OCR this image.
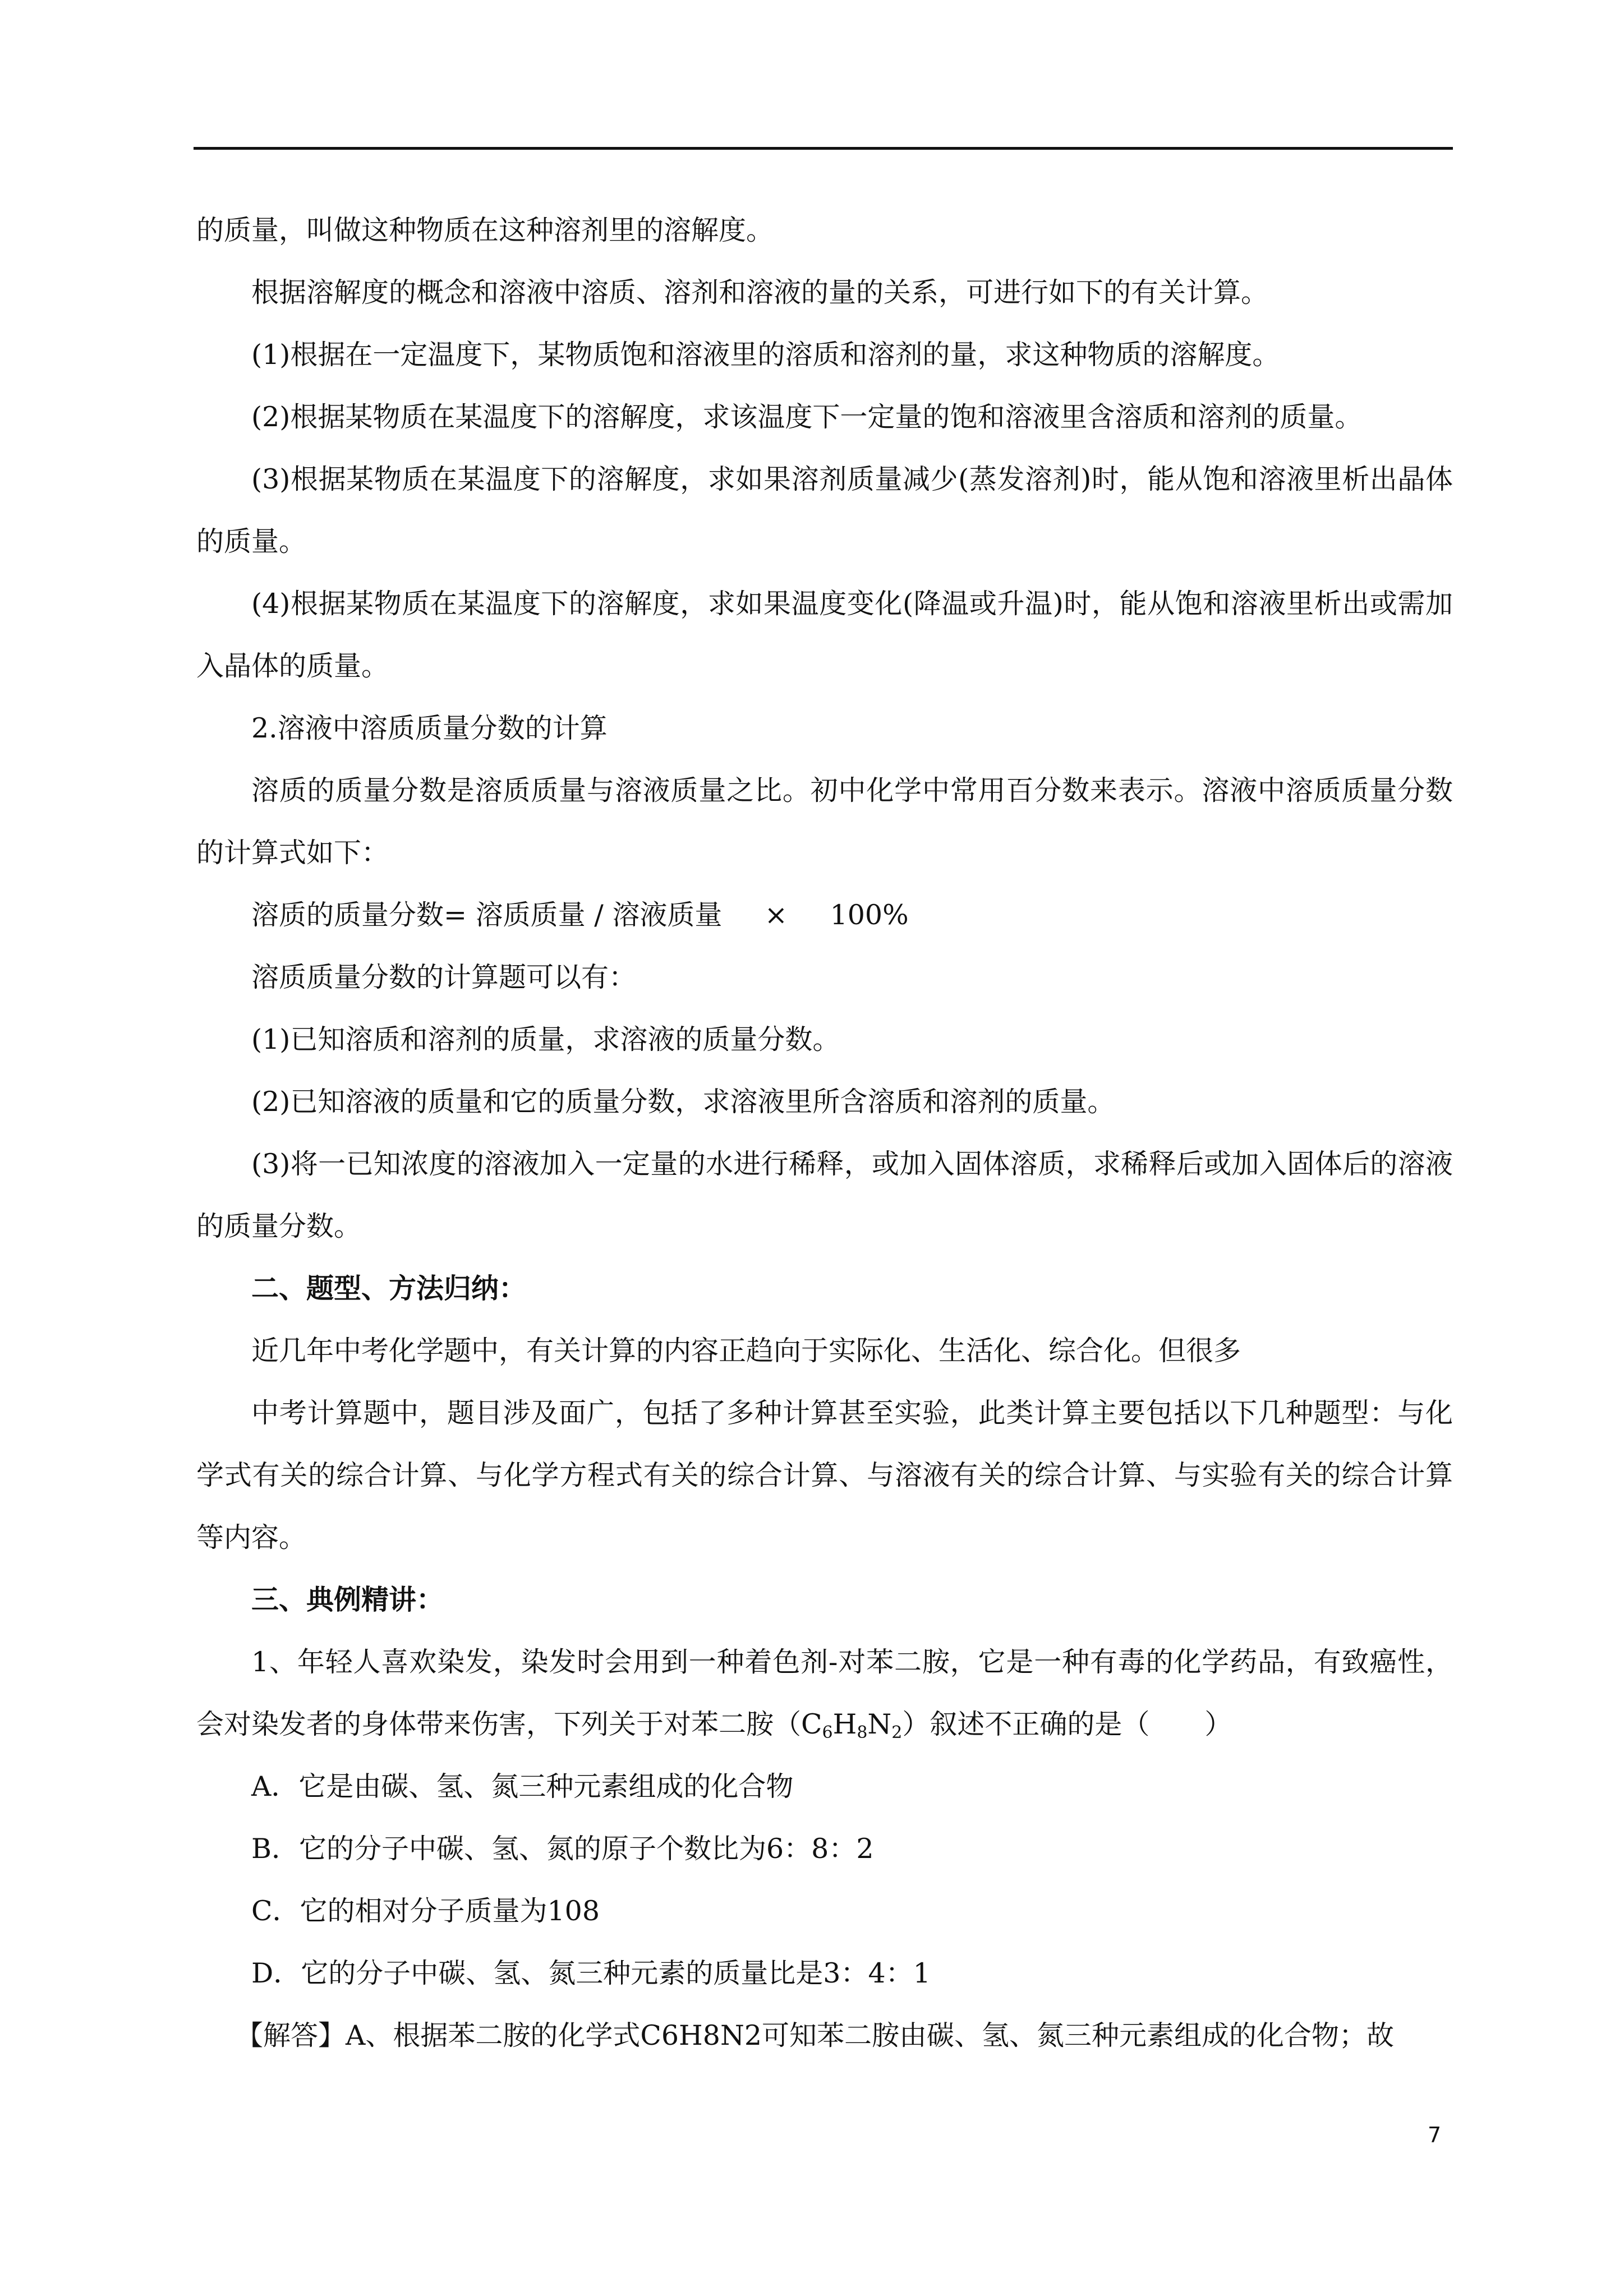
的质量，叫做这种物质在这种溶剂里的溶解度。

根据溶解度的概念和溶液中溶质、溶剂和溶液的量的关系，可进行如下的有关计算。

(1)根据在一定温度下，某物质饱和溶液里的溶质和溶剂的量，求这种物质的溶解度。

(2)根据某物质在某温度下的溶解度，求该温度下一定量的饱和溶液里含溶质和溶剂的质量。

(3)根据某物质在某温度下的溶解度，求如果溶剂质量减少(蒸发溶剂)时，能从饱和溶液里析出晶体的质量。

(4)根据某物质在某温度下的溶解度，求如果温度变化(降温或升温)时，能从饱和溶液里析出或需加入晶体的质量。

2.溶液中溶质质量分数的计算

溶质的质量分数是溶质质量与溶液质量之比。初中化学中常用百分数来表示。溶液中溶质质量分数的计算式如下：

溶质的质量分数= 溶质质量 / 溶液质量 × 100%

溶质质量分数的计算题可以有：

(1)已知溶质和溶剂的质量，求溶液的质量分数。

(2)已知溶液的质量和它的质量分数，求溶液里所含溶质和溶剂的质量。

(3)将一已知浓度的溶液加入一定量的水进行稀释，或加入固体溶质，求稀释后或加入固体后的溶液的质量分数。

二、题型、方法归纳：

近几年中考化学题中，有关计算的内容正趋向于实际化、生活化、综合化。但很多

中考计算题中，题目涉及面广，包括了多种计算甚至实验，此类计算主要包括以下几种题型：与化学式有关的综合计算、与化学方程式有关的综合计算、与溶液有关的综合计算、与实验有关的综合计算等内容。

三、典例精讲：

1、年轻人喜欢染发，染发时会用到一种着色剂-对苯二胺，它是一种有毒的化学药品，有致癌性，会对染发者的身体带来伤害，下列关于对苯二胺$(C_6H_8N_2)$叙述不正确的是（　　）

A．它是由碳、氢、氮三种元素组成的化合物

B．它的分子中碳、氢、氮的原子个数比为6：8：2

C．它的相对分子质量为108

D．它的分子中碳、氢、氮三种元素的质量比是3：4：1

【解答】A、根据苯二胺的化学式C6H8N2可知苯二胺由碳、氢、氮三种元素组成的化合物；故

7
